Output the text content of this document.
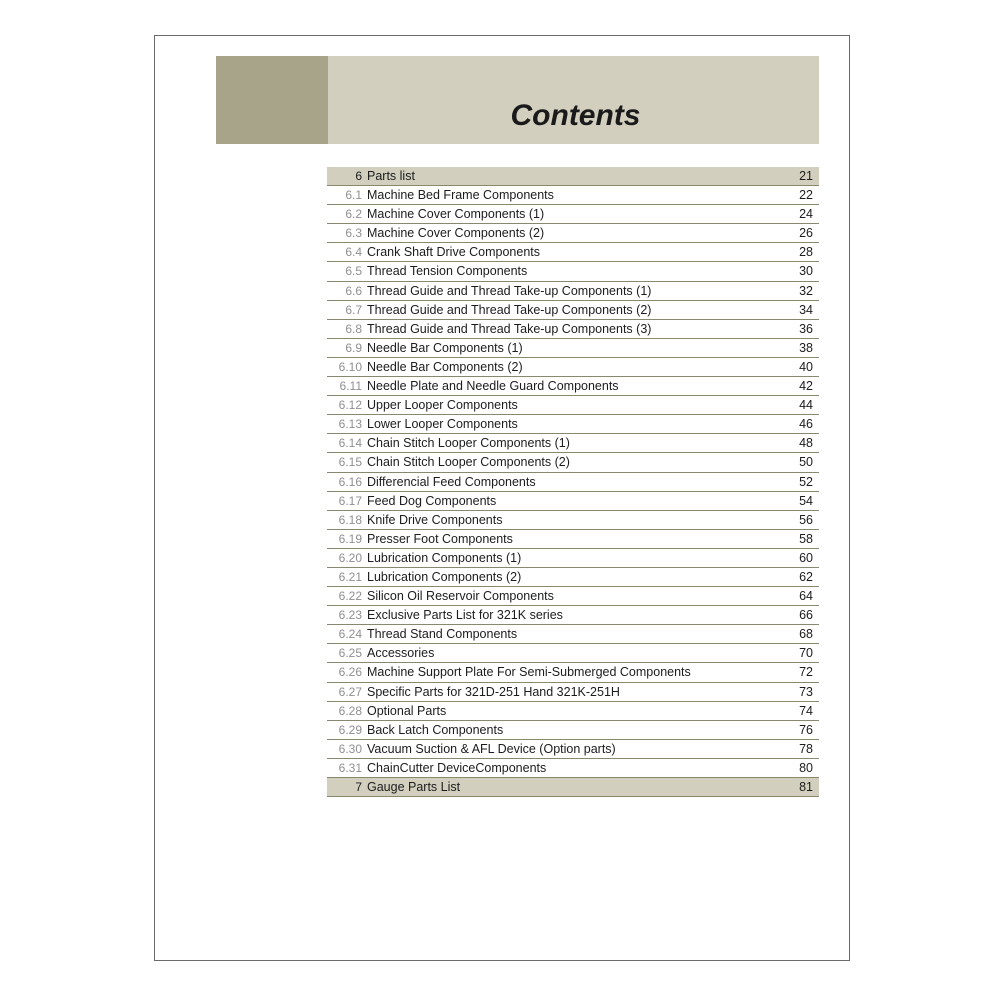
Contents
6 Parts list	21
6.1 Machine Bed Frame Components	22
6.2 Machine Cover Components (1)	24
6.3 Machine Cover Components (2)	26
6.4 Crank Shaft Drive Components	28
6.5 Thread Tension Components	30
6.6 Thread Guide and Thread Take-up Components (1)	32
6.7 Thread Guide and Thread Take-up Components (2)	34
6.8 Thread Guide and Thread Take-up Components (3)	36
6.9 Needle Bar Components (1)	38
6.10 Needle Bar Components (2)	40
6.11 Needle Plate and Needle Guard Components	42
6.12 Upper Looper Components	44
6.13 Lower Looper Components	46
6.14 Chain Stitch Looper Components (1)	48
6.15 Chain Stitch Looper Components (2)	50
6.16 Differencial Feed Components	52
6.17 Feed Dog Components	54
6.18 Knife Drive Components	56
6.19 Presser Foot Components	58
6.20 Lubrication Components (1)	60
6.21 Lubrication Components (2)	62
6.22 Silicon Oil Reservoir Components	64
6.23 Exclusive Parts List for 321K series	66
6.24 Thread Stand Components	68
6.25 Accessories	70
6.26 Machine Support Plate For Semi-Submerged Components	72
6.27 Specific Parts for 321D-251 Hand 321K-251H	73
6.28 Optional Parts	74
6.29 Back Latch Components	76
6.30 Vacuum Suction & AFL Device (Option parts)	78
6.31 ChainCutter DeviceComponents	80
7 Gauge Parts List	81
